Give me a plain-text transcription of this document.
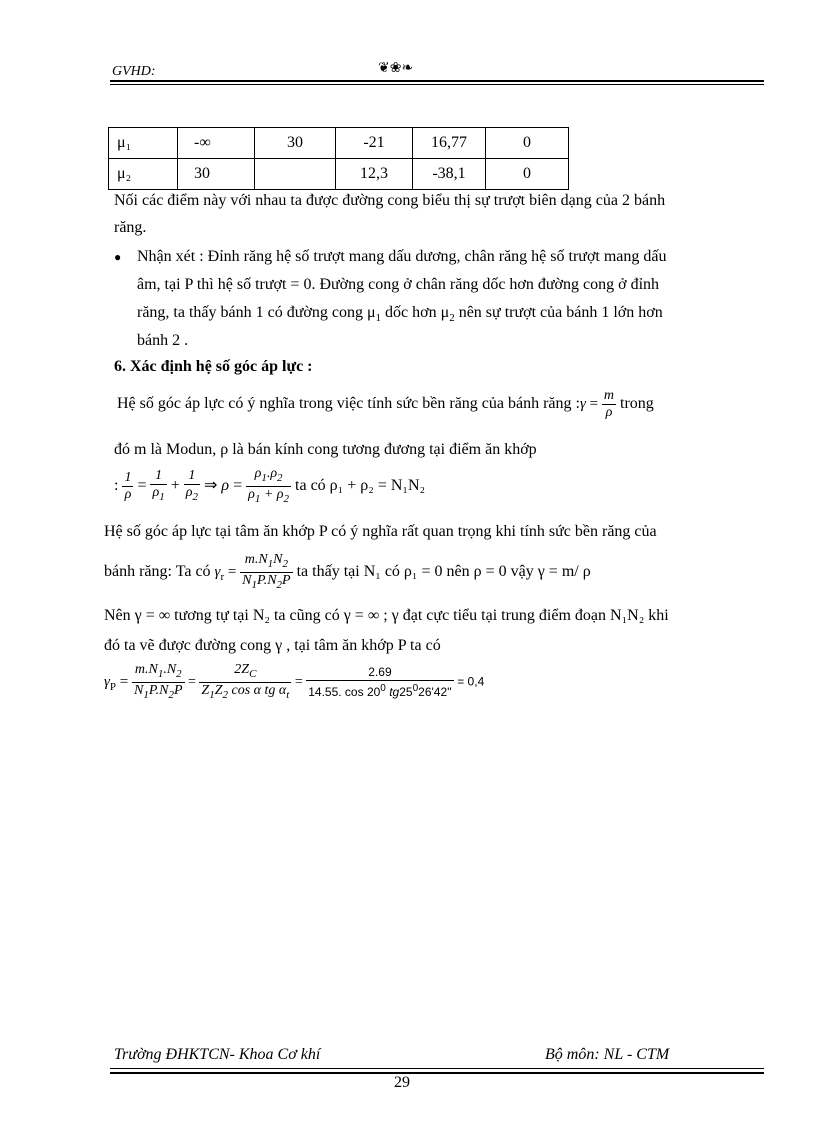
GVHD:	❦❀❧
μ₁	-∞	30	-21	16,77	0
μ₂	30		12,3	-38,1	0
Nối các điểm này với nhau ta được đường cong biểu thị sự trượt biên dạng của 2 bánh
răng.
● Nhận xét : Đỉnh răng hệ số trượt mang dấu dương, chân răng hệ số trượt mang dấu
âm, tại P thì hệ số trượt = 0. Đường cong ở chân răng dốc hơn đường cong ở đỉnh
răng, ta thấy bánh 1 có đường cong $\mu_1$ dốc hơn $\mu_2$ nên sự trượt của bánh 1 lớn hơn
bánh 2 .
6. Xác định hệ số góc áp lực :
Hệ số góc áp lực có ý nghĩa trong việc tính sức bền răng của bánh răng :γ = $\frac{m}{\rho}$ trong
đó m là Modun, ρ là bán kính cong tương đương tại điểm ăn khớp
: $\frac{1}{\rho} = \frac{1}{\rho_1} + \frac{1}{\rho_2}$ ⇒ $\rho = \frac{\rho_1.\rho_2}{\rho_1 + \rho_2}$ ta có ρ₁ + ρ₂ = N₁N₂
Hệ số góc áp lực tại tâm ăn khớp P có ý nghĩa rất quan trọng khi tính sức bền răng của
bánh răng: Ta có $\gamma_r = \frac{m.N_1N_2}{N_1P.N_2P}$ ta thấy tại N₁ có ρ₁ = 0 nên ρ = 0 vậy γ = m/ ρ
Nên γ = ∞ tương tự tại N₂ ta cũng có γ = ∞ ; γ đạt cực tiểu tại trung điểm đoạn N₁N₂ khi
đó ta vẽ được đường cong γ , tại tâm ăn khớp P ta có
$\gamma_P = \frac{m.N_1.N_2}{N_1P.N_2P} = \frac{2Z_C}{Z_1Z_2 \cos \alpha tg \alpha_t} = \frac{2.69}{14.55. \cos 20^0 tg25^026'42''} = 0,4$
Trường ĐHKTCN- Khoa Cơ khí	Bộ môn: NL - CTM
29
